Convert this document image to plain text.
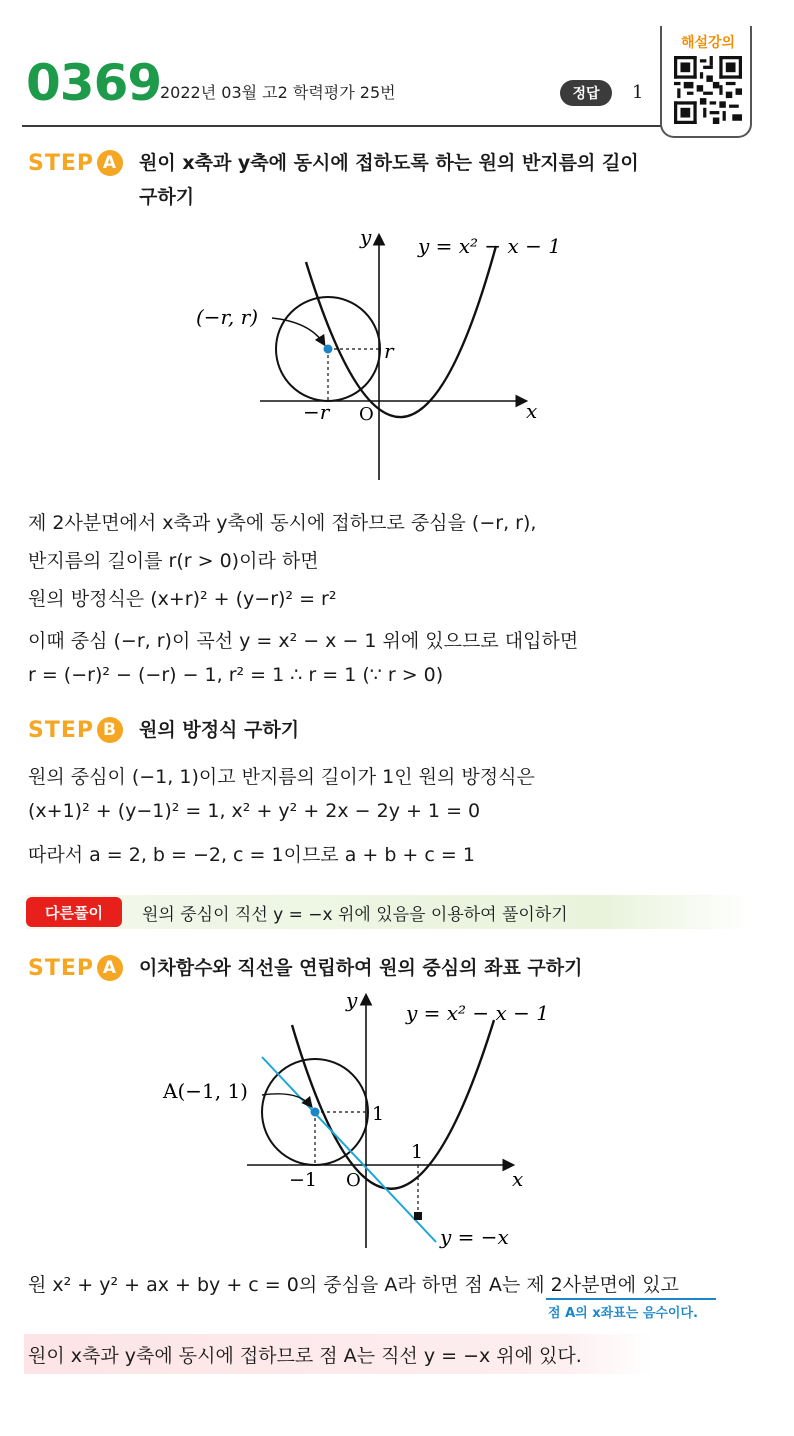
0369
2022년 03월 고2 학력평가 25번	정답	1
해설강의
STEP A	원이 x축과 y축에 동시에 접하도록 하는 원의 반지름의 길이
구하기
y = x² − x − 1
(−r, r)
r
−r O	x
y
제 2사분면에서 x축과 y축에 동시에 접하므로 중심을 (−r, r),
반지름의 길이를 r(r > 0)이라 하면
원의 방정식은 (x+r)² + (y−r)² = r²
이때 중심 (−r, r)이 곡선 y = x² − x − 1 위에 있으므로 대입하면
r = (−r)² − (−r) − 1, r² = 1 ∴ r = 1 (∵ r > 0)
STEP B	원의 방정식 구하기
원의 중심이 (−1, 1)이고 반지름의 길이가 1인 원의 방정식은
(x+1)² + (y−1)² = 1, x² + y² + 2x − 2y + 1 = 0
따라서 a = 2, b = −2, c = 1이므로 a + b + c = 1
다른풀이	원의 중심이 직선 y = −x 위에 있음을 이용하여 풀이하기
STEP A	이차함수와 직선을 연립하여 원의 중심의 좌표 구하기
y = x² − x − 1
A(−1, 1)
1
1
−1 O	x
y
y = −x
원 x² + y² + ax + by + c = 0의 중심을 A라 하면 점 A는 제 2사분면에 있고
점 A의 x좌표는 음수이다.
원이 x축과 y축에 동시에 접하므로 점 A는 직선 y = −x 위에 있다.
